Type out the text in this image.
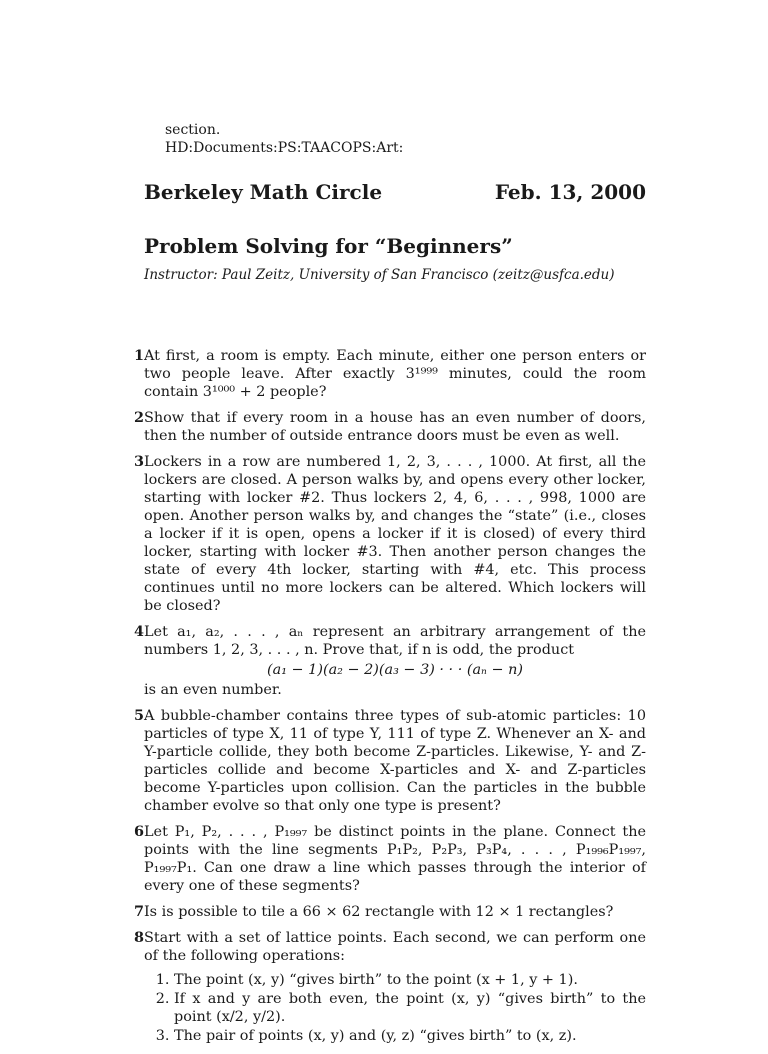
section.
HD:Documents:PS:TAACOPS:Art:
Berkeley Math Circle	Feb. 13, 2000
Problem Solving for “Beginners”
Instructor: Paul Zeitz, University of San Francisco (zeitz@usfca.edu)
1 At first, a room is empty. Each minute, either one person enters or two people leave. After exactly 3¹⁹⁹⁹ minutes, could the room contain 3¹⁰⁰⁰ + 2 people?
2 Show that if every room in a house has an even number of doors, then the number of outside entrance doors must be even as well.
3 Lockers in a row are numbered 1, 2, 3, . . . , 1000. At first, all the lockers are closed. A person walks by, and opens every other locker, starting with locker #2. Thus lockers 2, 4, 6, . . . , 998, 1000 are open. Another person walks by, and changes the “state” (i.e., closes a locker if it is open, opens a locker if it is closed) of every third locker, starting with locker #3. Then another person changes the state of every 4th locker, starting with #4, etc. This process continues until no more lockers can be altered. Which lockers will be closed?
4 Let a₁, a₂, . . . , aₙ represent an arbitrary arrangement of the numbers 1, 2, 3, . . . , n. Prove that, if n is odd, the product
(a₁ − 1)(a₂ − 2)(a₃ − 3) · · · (aₙ − n)
is an even number.
5 A bubble-chamber contains three types of sub-atomic particles: 10 particles of type X, 11 of type Y, 111 of type Z. Whenever an X- and Y-particle collide, they both become Z-particles. Likewise, Y- and Z- particles collide and become X-particles and X- and Z-particles become Y-particles upon collision. Can the particles in the bubble chamber evolve so that only one type is present?
6 Let P₁, P₂, . . . , P₁₉₉₇ be distinct points in the plane. Connect the points with the line segments P₁P₂, P₂P₃, P₃P₄, . . . , P₁₉₉₆P₁₉₉₇, P₁₉₉₇P₁. Can one draw a line which passes through the interior of every one of these segments?
7 Is is possible to tile a 66 × 62 rectangle with 12 × 1 rectangles?
8 Start with a set of lattice points. Each second, we can perform one of the following operations:
1. The point (x, y) “gives birth” to the point (x + 1, y + 1).
2. If x and y are both even, the point (x, y) “gives birth” to the point (x/2, y/2).
3. The pair of points (x, y) and (y, z) “gives birth” to (x, z).
